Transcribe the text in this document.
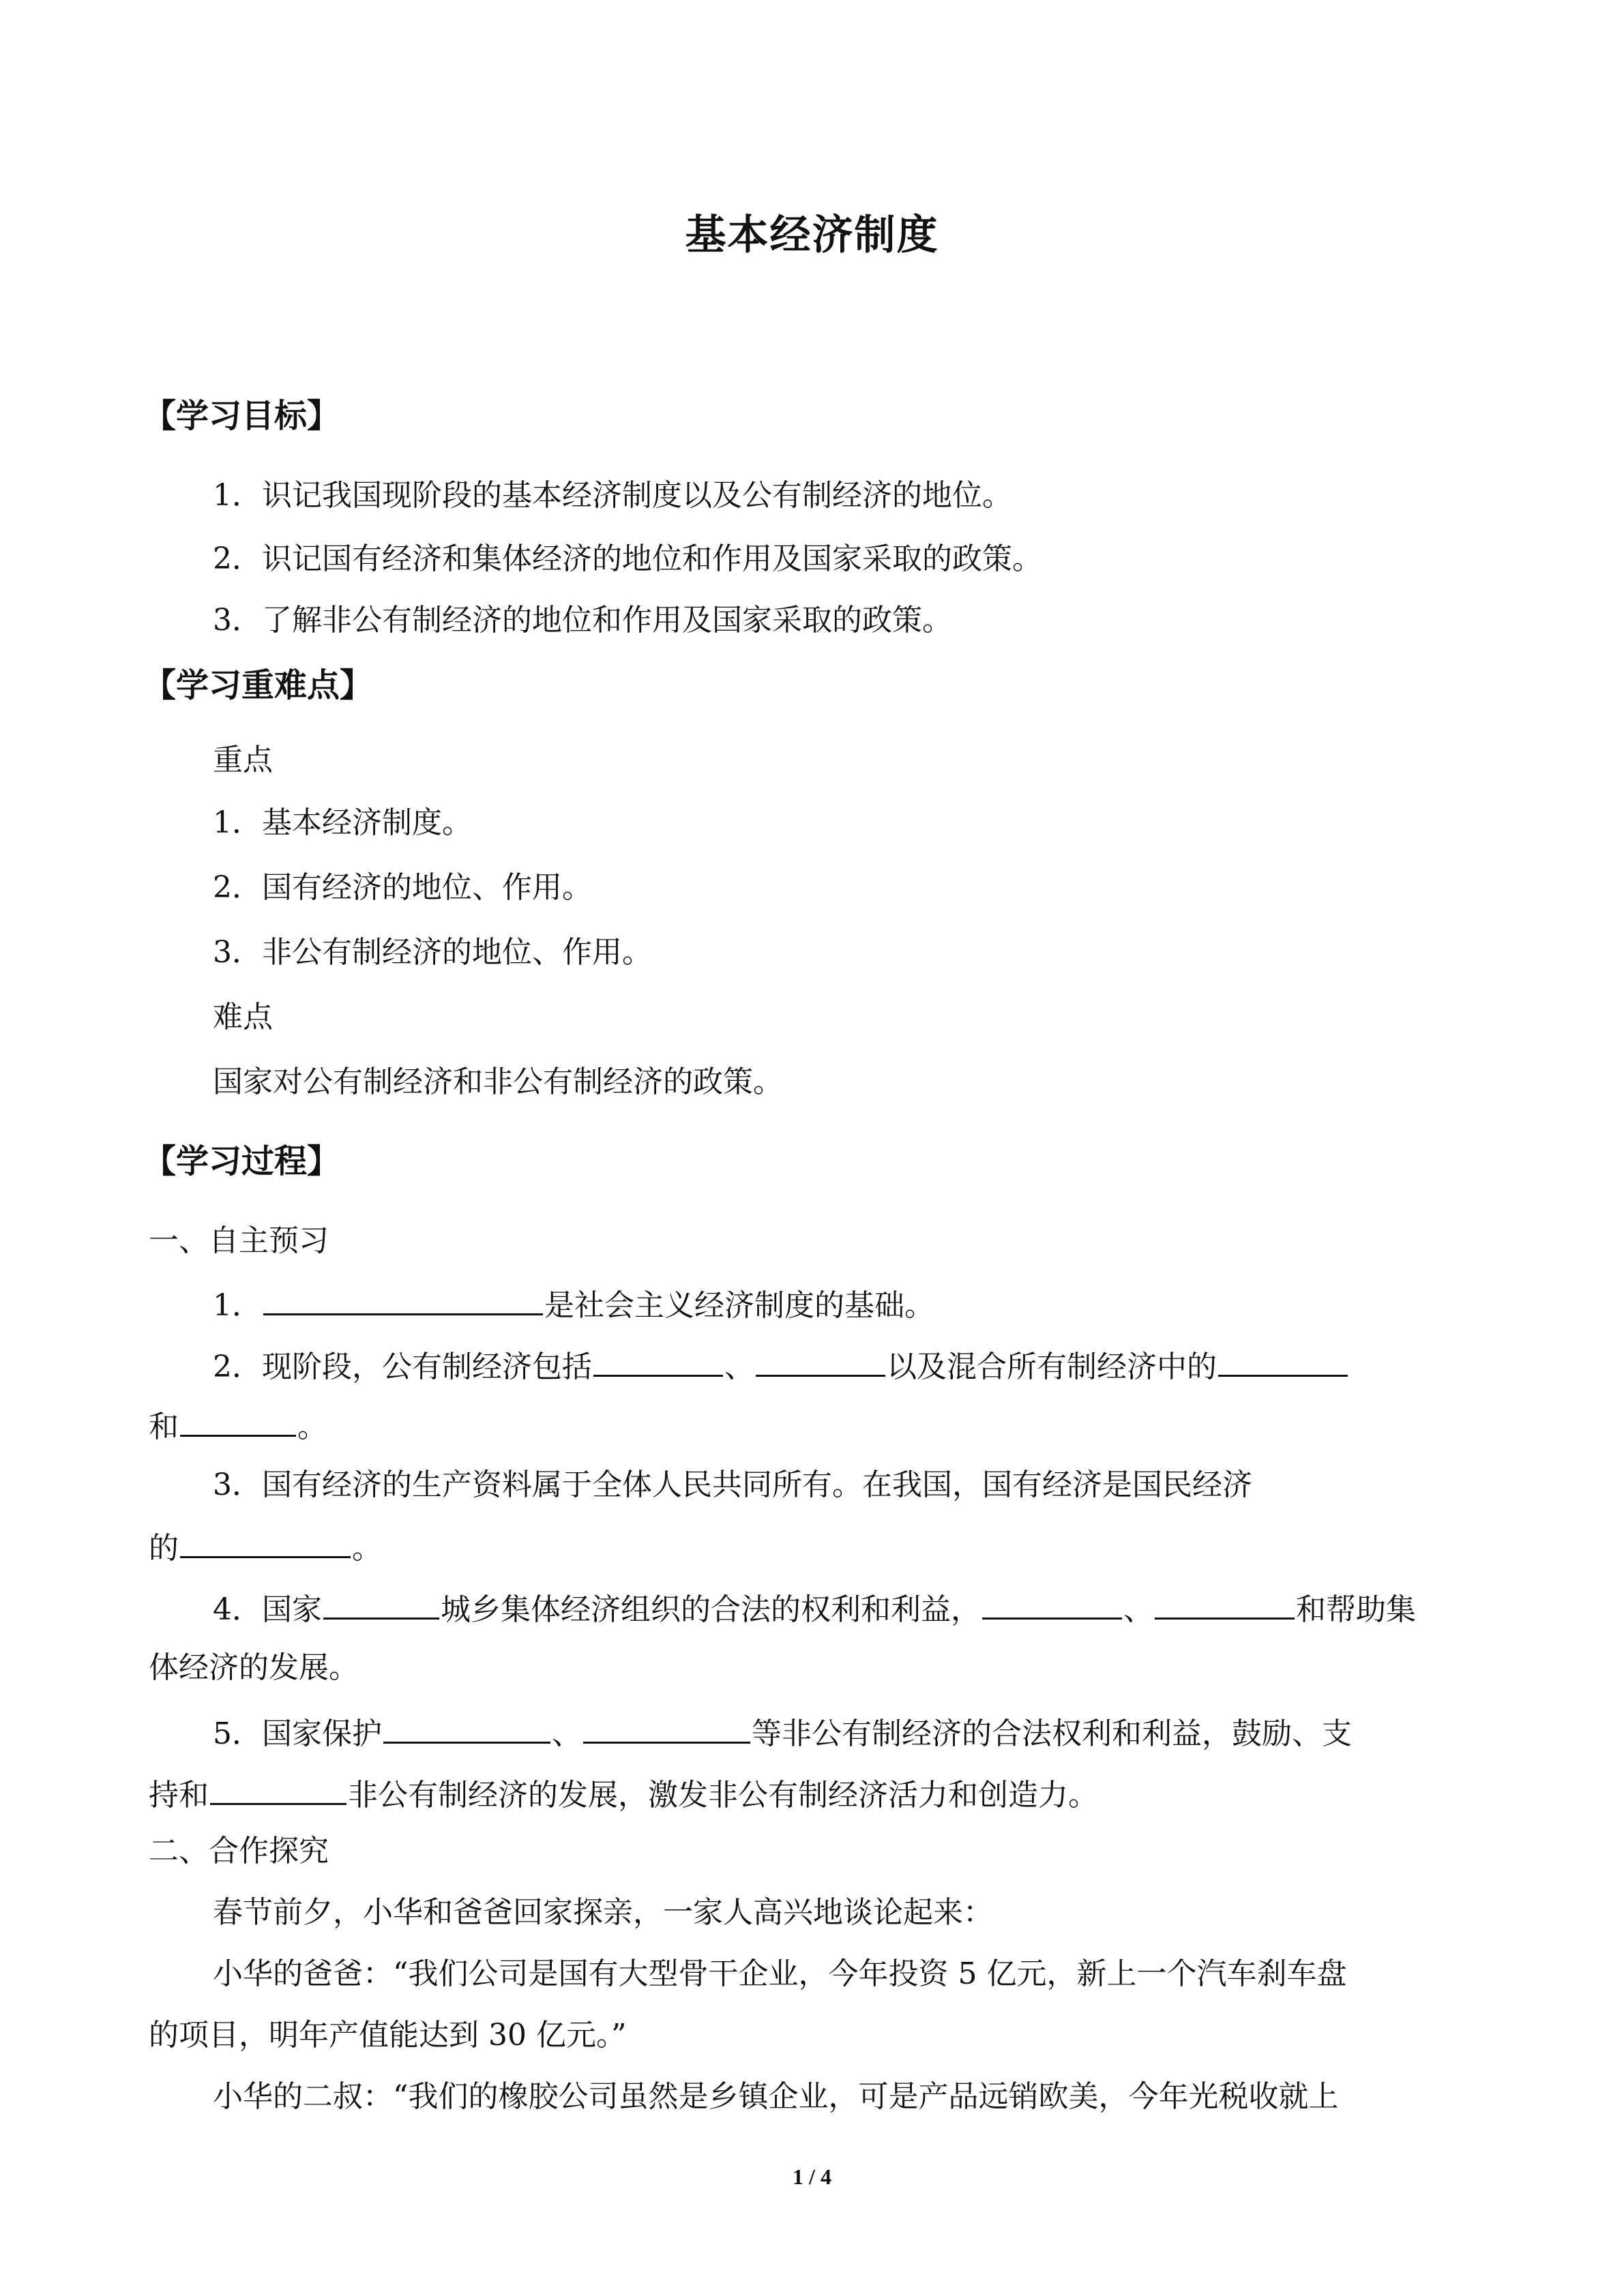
基本经济制度
【学习目标】
1．识记我国现阶段的基本经济制度以及公有制经济的地位。
2．识记国有经济和集体经济的地位和作用及国家采取的政策。
3．了解非公有制经济的地位和作用及国家采取的政策。
【学习重难点】
重点
1．基本经济制度。
2．国有经济的地位、作用。
3．非公有制经济的地位、作用。
难点
国家对公有制经济和非公有制经济的政策。
【学习过程】
一、自主预习
1．	是社会主义经济制度的基础。
2．现阶段，公有制经济包括	、	以及混合所有制经济中的
和	。
3．国有经济的生产资料属于全体人民共同所有。在我国，国有经济是国民经济
的	。
4．国家	城乡集体经济组织的合法的权利和利益，	、	和帮助集
体经济的发展。
5．国家保护	、	等非公有制经济的合法权利和利益，鼓励、支
持和	非公有制经济的发展，激发非公有制经济活力和创造力。
二、合作探究
春节前夕，小华和爸爸回家探亲，一家人高兴地谈论起来：
小华的爸爸：“我们公司是国有大型骨干企业，今年投资 5 亿元，新上一个汽车刹车盘
的项目，明年产值能达到 30 亿元。”
小华的二叔：“我们的橡胶公司虽然是乡镇企业，可是产品远销欧美，今年光税收就上
1 / 4
